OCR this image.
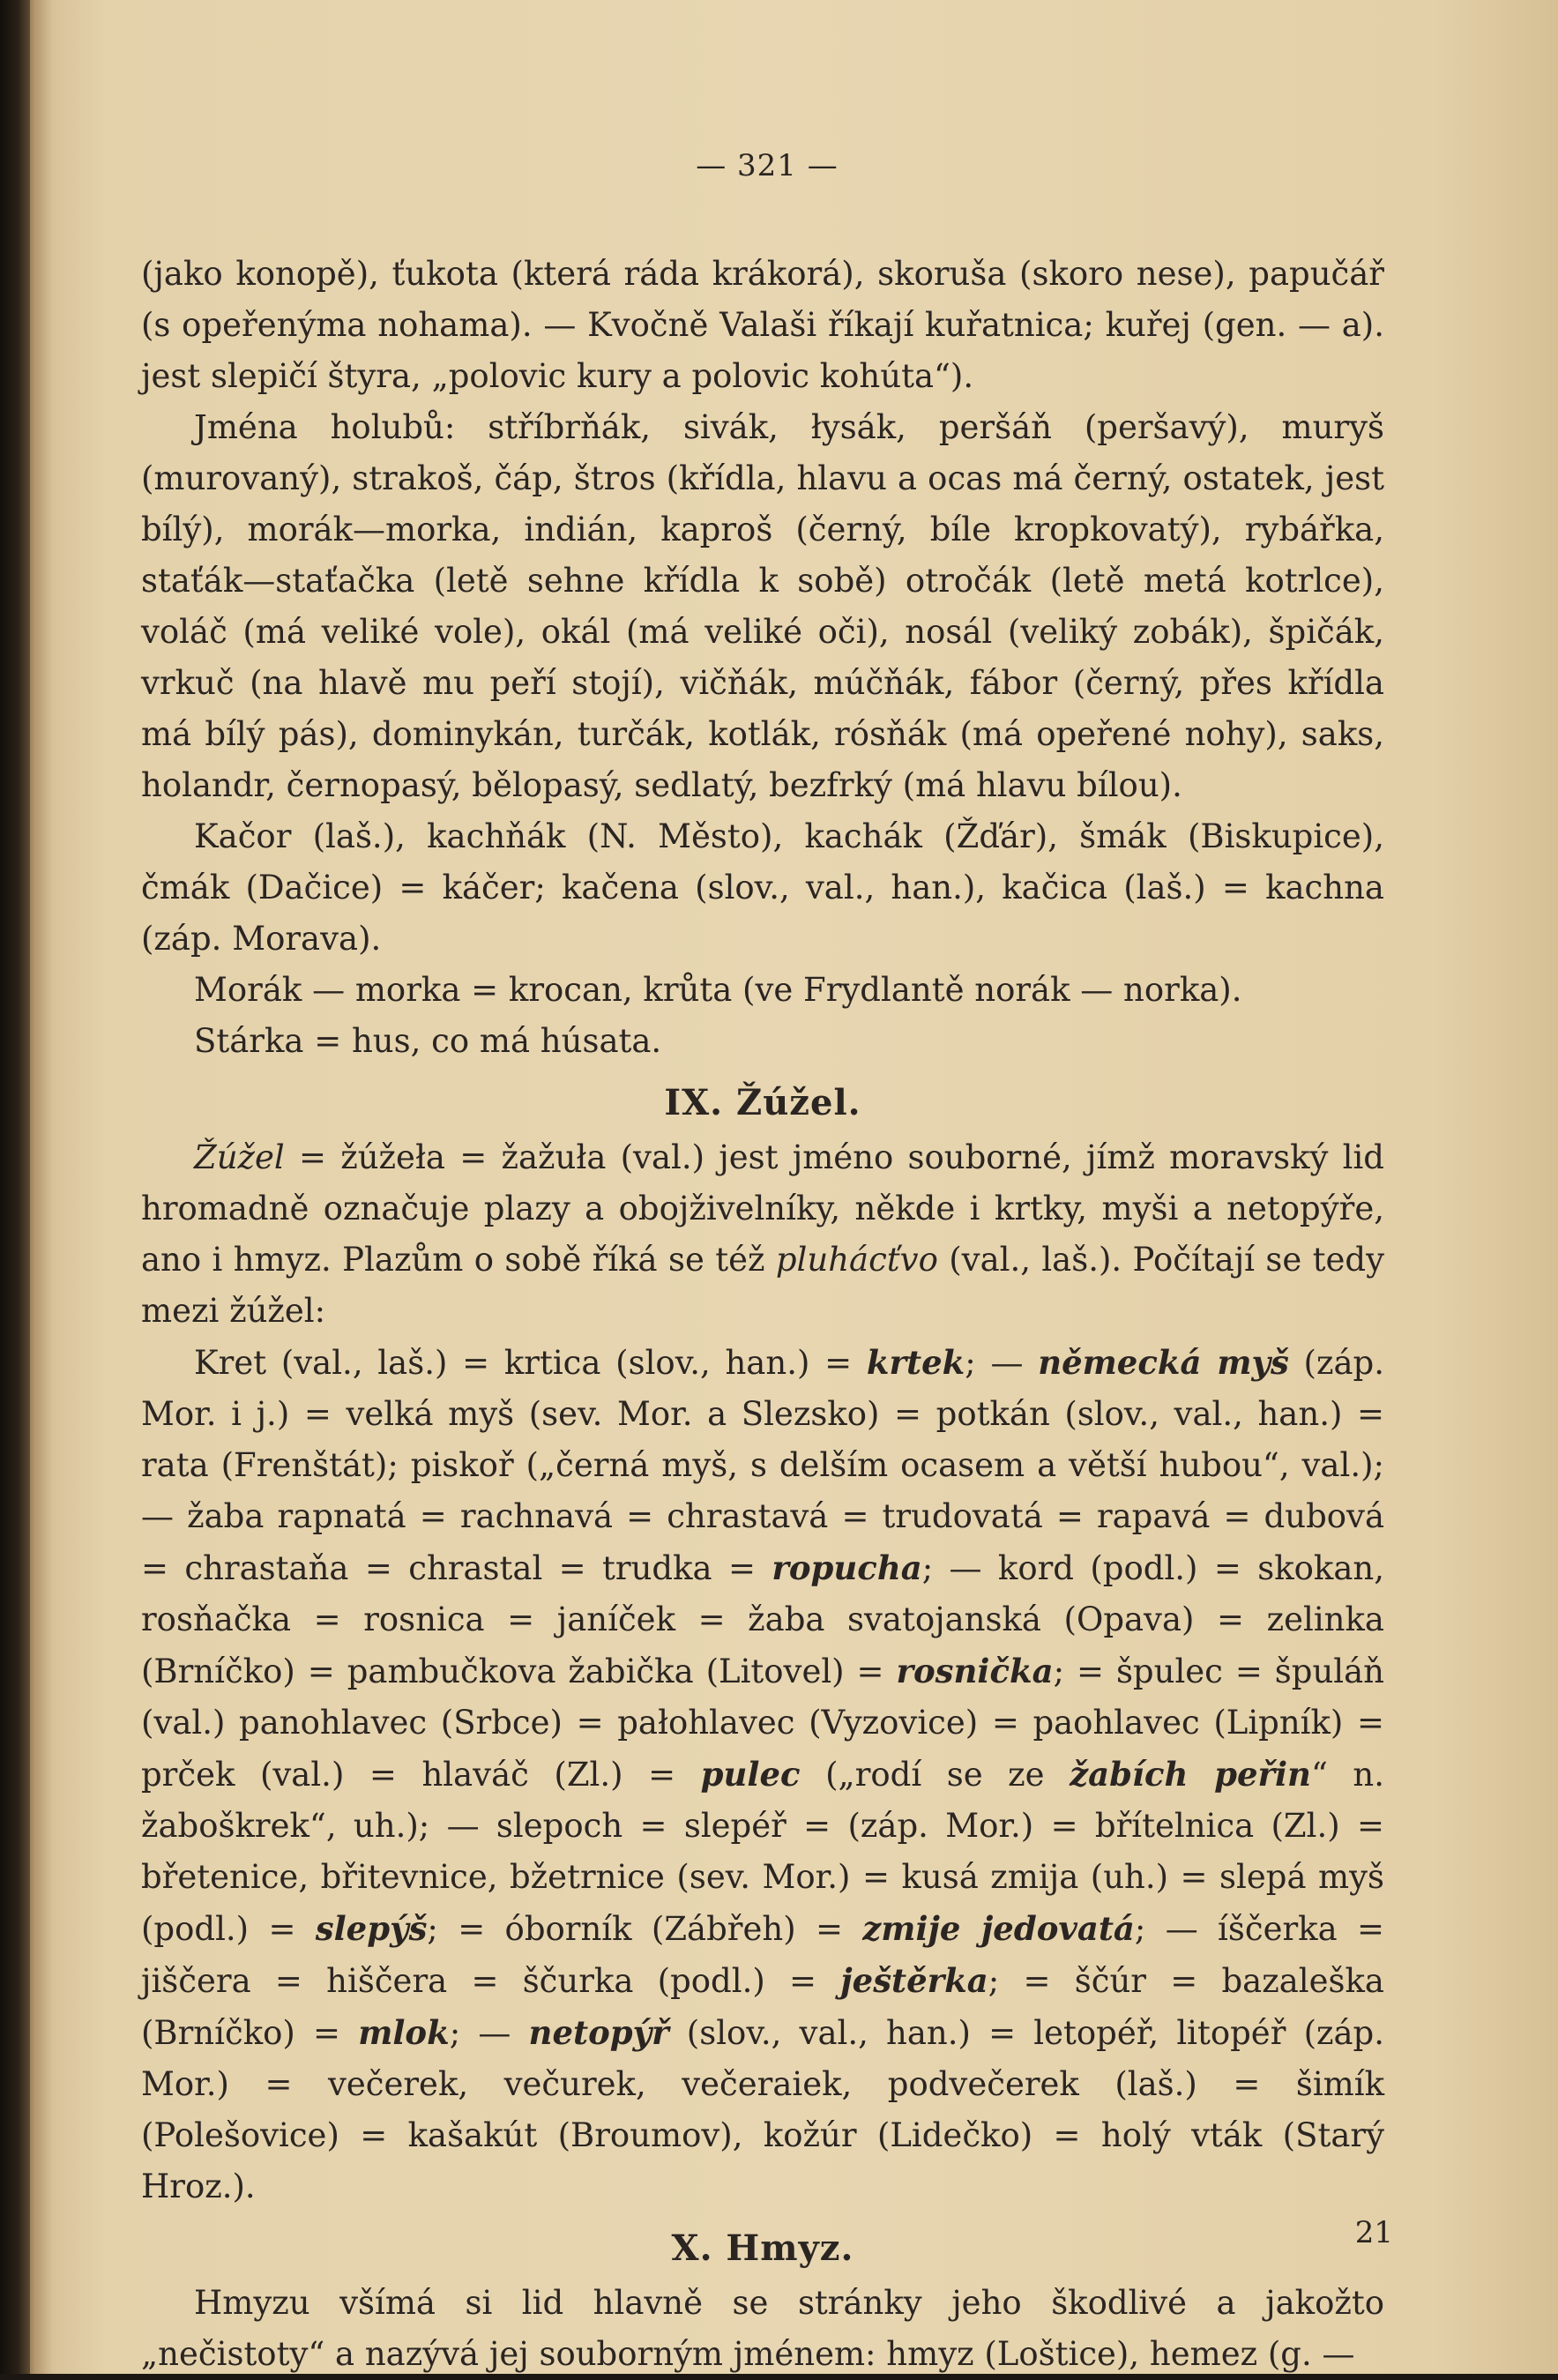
— 321 —

(jako konopě), ťukota (která ráda krákorá), skoruša (skoro nese), papučář (s opeřenýma nohama). — Kvočně Valaši říkají kuřatnica; kuřej (gen. — a). jest slepičí štyra, „polovic kury a polovic kohúta“).

Jména holubů: stříbrňák, sivák, łysák, peršáň (peršavý), muryš (murovaný), strakoš, čáp, štros (křídla, hlavu a ocas má černý, ostatek, jest bílý), morák—morka, indián, kaproš (černý, bíle kropkovatý), rybářka, staťák—staťačka (letě sehne křídla k sobě) otročák (letě metá kotrlce), voláč (má veliké vole), okál (má veliké oči), nosál (veliký zobák), špičák, vrkuč (na hlavě mu peří stojí), vičňák, múčňák, fábor (černý, přes křídla má bílý pás), dominykán, turčák, kotlák, rósňák (má opeřené nohy), saks, holandr, černopasý, bělopasý, sedlatý, bezfrký (má hlavu bílou).

Kačor (laš.), kachňák (N. Město), kachák (Žďár), šmák (Biskupice), čmák (Dačice) = káčer; kačena (slov., val., han.), kačica (laš.) = kachna (záp. Morava).

Morák — morka = krocan, krůta (ve Frydlantě norák — norka).

Stárka = hus, co má húsata.

IX. Žúžel.

Žúžel = žúžeła = žažuła (val.) jest jméno souborné, jímž moravský lid hromadně označuje plazy a obojživelníky, někde i krtky, myši a netopýře, ano i hmyz. Plazům o sobě říká se též pluhácťvo (val., laš.). Počítají se tedy mezi žúžel:

Kret (val., laš.) = krtica (slov., han.) = krtek; — německá myš (záp. Mor. i j.) = velká myš (sev. Mor. a Slezsko) = potkán (slov., val., han.) = rata (Frenštát); piskoř („černá myš, s delším ocasem a větší hubou“, val.); — žaba rapnatá = rachnavá = chrastavá = trudovatá = rapavá = dubová = chrastaňa = chrastal = trudka = ropucha; — kord (podl.) = skokan, rosňačka = rosnica = janíček = žaba svatojanská (Opava) = zelinka (Brníčko) = pambučkova žabička (Litovel) = rosnička; = špulec = špuláň (val.) panohlavec (Srbce) = pałohlavec (Vyzovice) = paohlavec (Lipník) = prček (val.) = hlaváč (Zl.) = pulec („rodí se ze žabích peřin“ n. žaboškrek“, uh.); — slepoch = slepéř = (záp. Mor.) = břítelnica (Zl.) = břetenice, břitevnice, bžetrnice (sev. Mor.) = kusá zmija (uh.) = slepá myš (podl.) = slepýš; = óborník (Zábřeh) = zmije jedovatá; — íščerka = jiščera = hiščera = ščurka (podl.) = ještěrka; = ščúr = bazaleška (Brníčko) = mlok; — netopýř (slov., val., han.) = letopéř, litopéř (záp. Mor.) = večerek, večurek, večeraiek, podvečerek (laš.) = šimík (Polešovice) = kašakút (Broumov), kožúr (Lidečko) = holý vták (Starý Hroz.).

X. Hmyz.

Hmyzu všímá si lid hlavně se stránky jeho škodlivé a jakožto „nečistoty“ a nazývá jej souborným jménem: hmyz (Loštice), hemez (g. —

21
